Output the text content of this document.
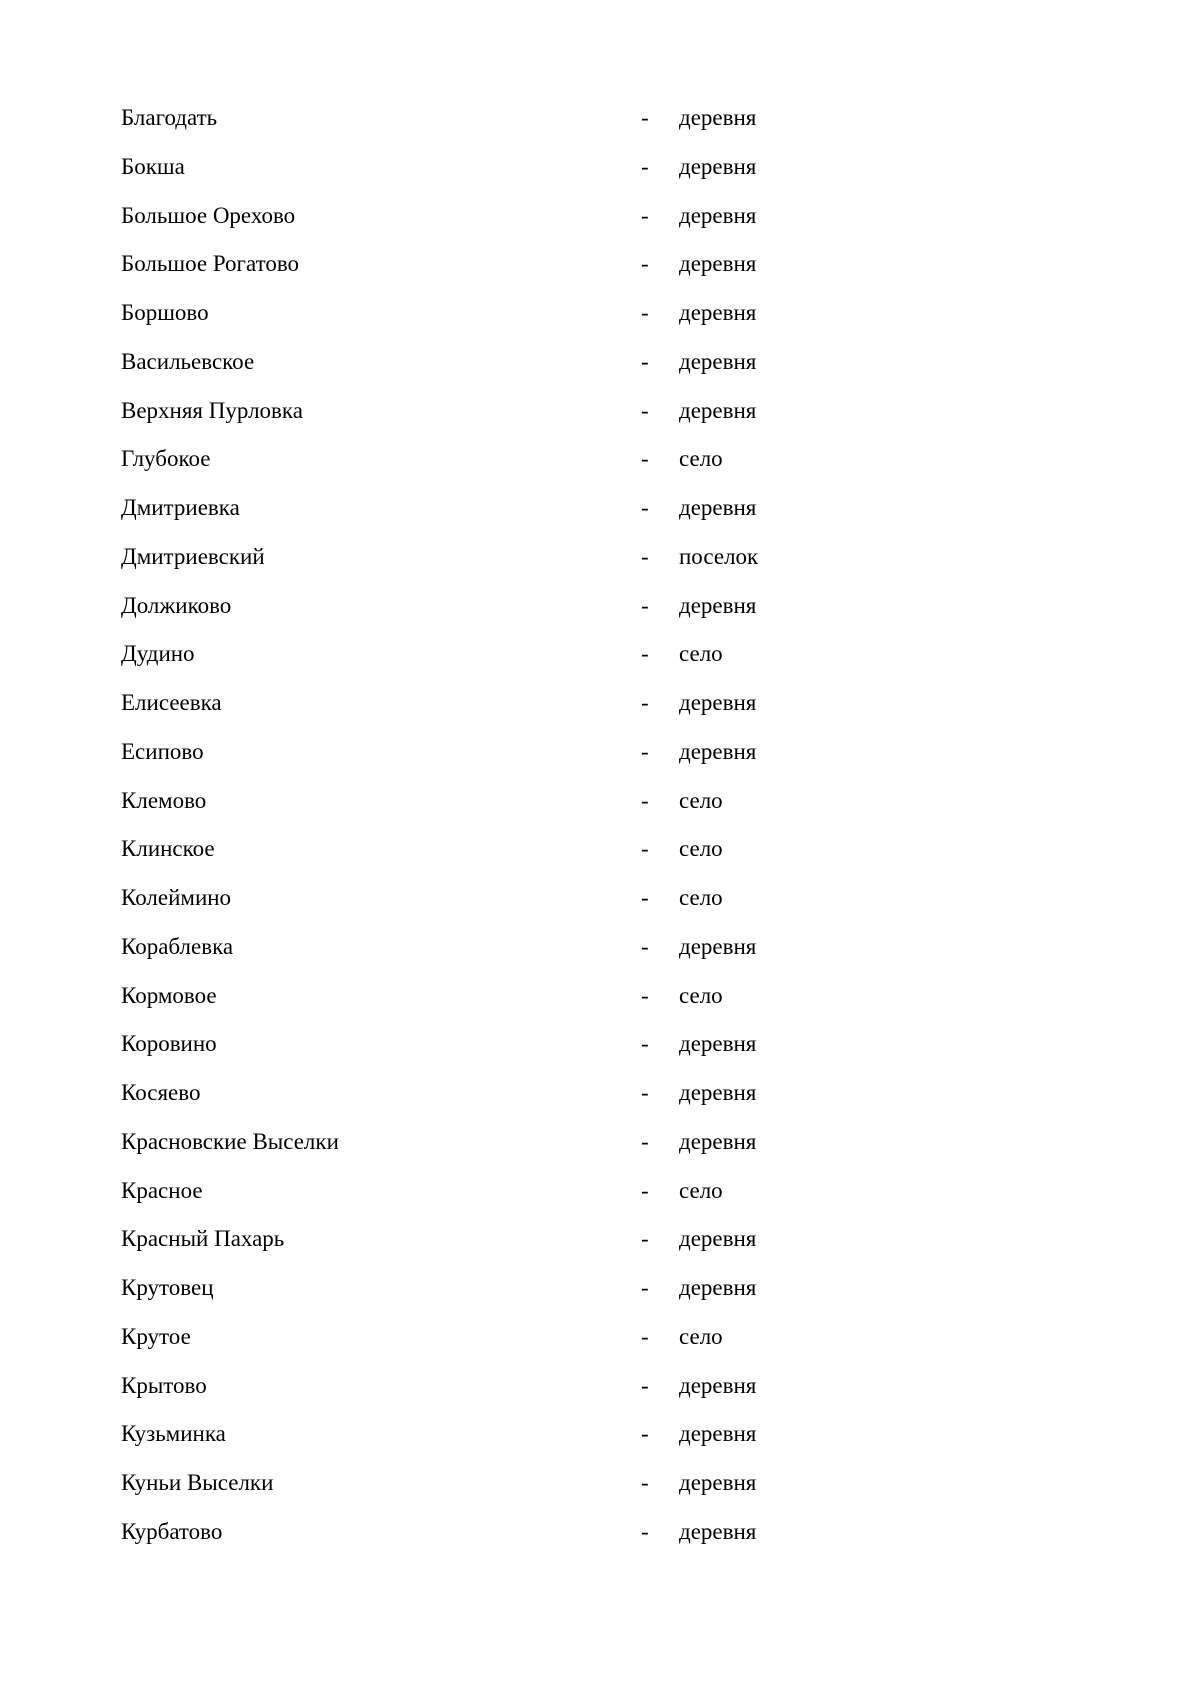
Благодать	- деревня
Бокша	- деревня
Большое Орехово	- деревня
Большое Рогатово	- деревня
Боршово	- деревня
Васильевское	- деревня
Верхняя Пурловка	- деревня
Глубокое	- село
Дмитриевка	- деревня
Дмитриевский	- поселок
Должиково	- деревня
Дудино	- село
Елисеевка	- деревня
Есипово	- деревня
Клемово	- село
Клинское	- село
Колеймино	- село
Кораблевка	- деревня
Кормовое	- село
Коровино	- деревня
Косяево	- деревня
Красновские Выселки	- деревня
Красное	- село
Красный Пахарь	- деревня
Крутовец	- деревня
Крутое	- село
Крытово	- деревня
Кузьминка	- деревня
Куньи Выселки	- деревня
Курбатово	- деревня
